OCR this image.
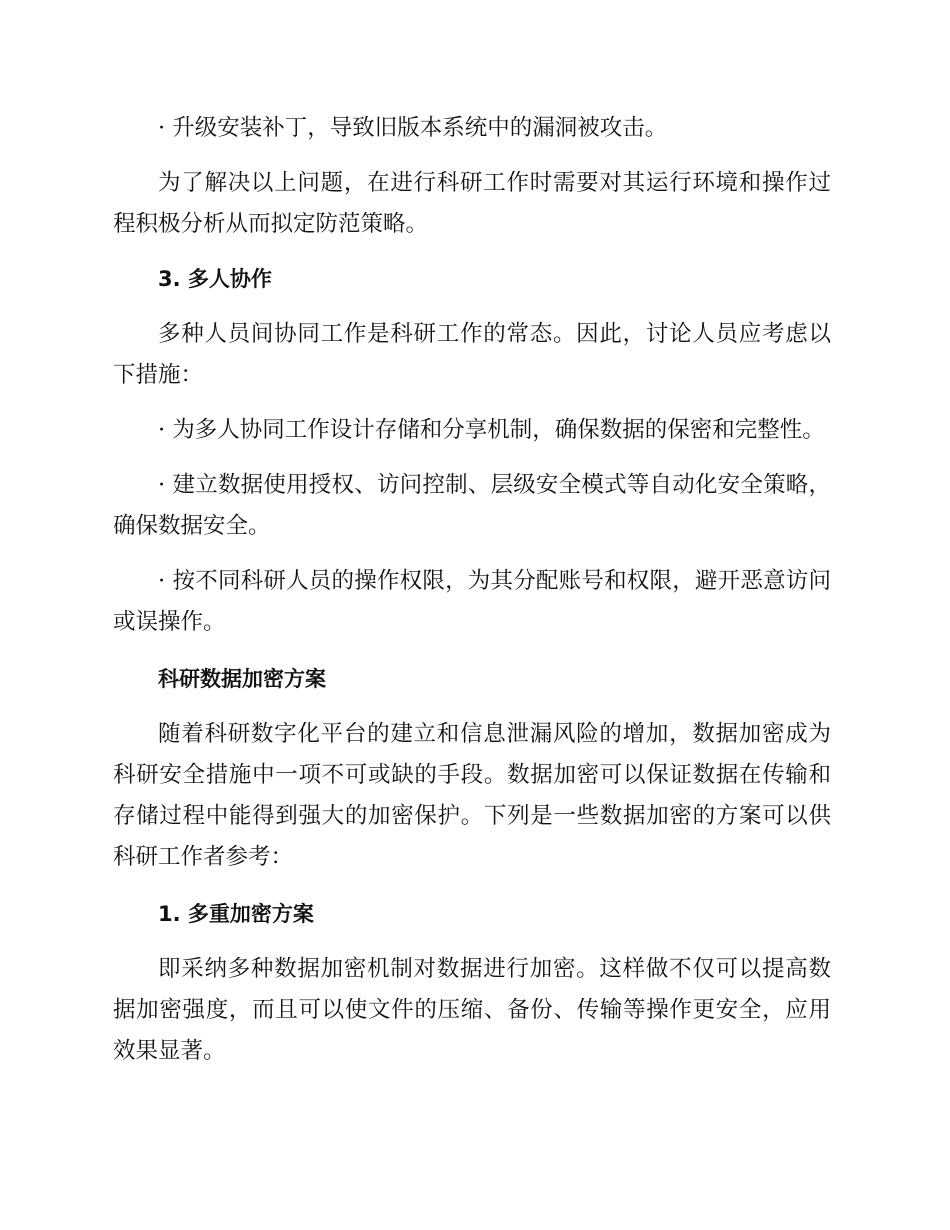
· 升级安装补丁，导致旧版本系统中的漏洞被攻击。

为了解决以上问题，在进行科研工作时需要对其运行环境和操作过程积极分析从而拟定防范策略。

3. 多人协作

多种人员间协同工作是科研工作的常态。因此，讨论人员应考虑以下措施：

· 为多人协同工作设计存储和分享机制，确保数据的保密和完整性。

· 建立数据使用授权、访问控制、层级安全模式等自动化安全策略，确保数据安全。

· 按不同科研人员的操作权限，为其分配账号和权限，避开恶意访问或误操作。

科研数据加密方案

随着科研数字化平台的建立和信息泄漏风险的增加，数据加密成为科研安全措施中一项不可或缺的手段。数据加密可以保证数据在传输和存储过程中能得到强大的加密保护。下列是一些数据加密的方案可以供科研工作者参考：

1. 多重加密方案

即采纳多种数据加密机制对数据进行加密。这样做不仅可以提高数据加密强度，而且可以使文件的压缩、备份、传输等操作更安全，应用效果显著。
